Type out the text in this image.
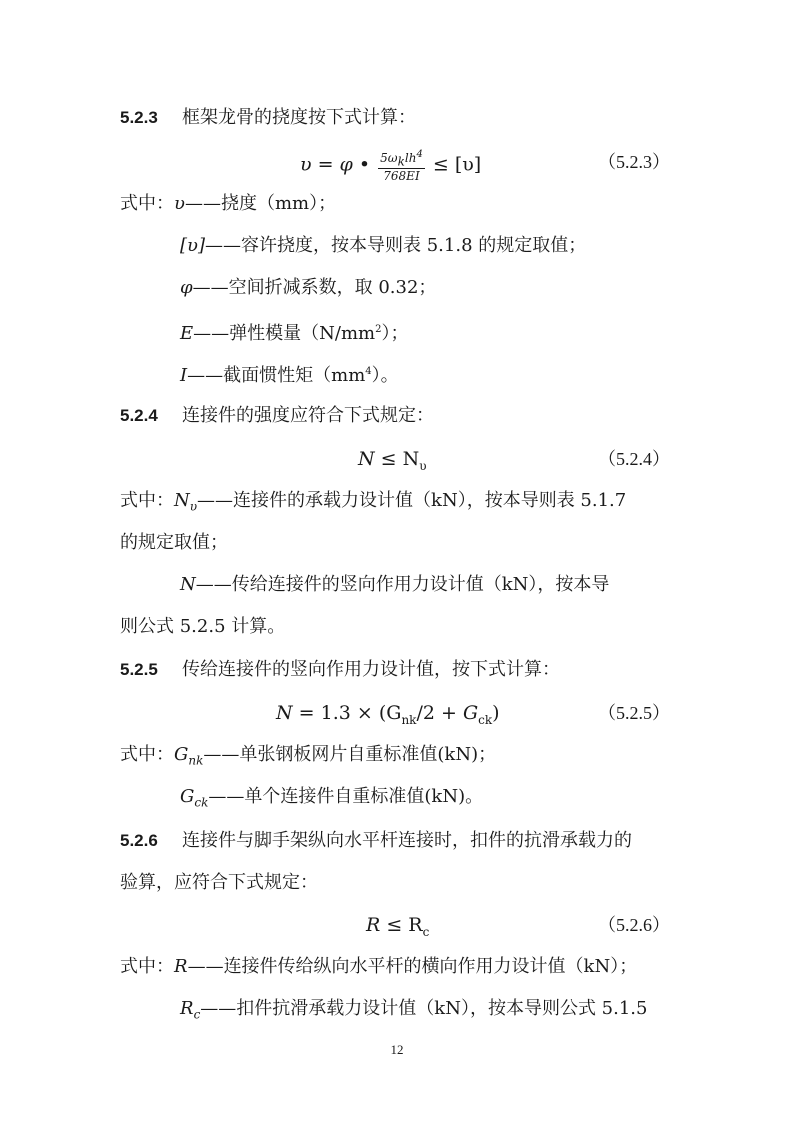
5.2.3 框架龙骨的挠度按下式计算：
υ = φ • $\frac{5\omega_klh^4}{768EI} \le [\upsilon]$	（5.2.3）
式中：υ——挠度（mm）；
[υ]——容许挠度，按本导则表 5.1.8 的规定取值；
φ——空间折减系数，取 0.32；
E——弹性模量$(N/mm^2)$；
I——截面惯性矩$(mm^4)$。
5.2.4 连接件的强度应符合下式规定：
$N \le N_\upsilon$	（5.2.4）
式中：$N_\upsilon——$连接件的承载力设计值（kN），按本导则表 5.1.7
的规定取值；
N——传给连接件的竖向作用力设计值（kN），按本导
则公式 5.2.5 计算。
5.2.5 传给连接件的竖向作用力设计值，按下式计算：
$N = 1.3 \times (G_{nk}/2 + G_{ck})$	（5.2.5）
式中：$G_{nk}——$单张钢板网片自重标准值(kN)；
$G_{ck}——$单个连接件自重标准值(kN)。
5.2.6 连接件与脚手架纵向水平杆连接时，扣件的抗滑承载力的
验算，应符合下式规定：
$R \le R_c$	（5.2.6）
式中：R——连接件传给纵向水平杆的横向作用力设计值（kN）；
$R_c——$扣件抗滑承载力设计值（kN），按本导则公式 5.1.5
12
